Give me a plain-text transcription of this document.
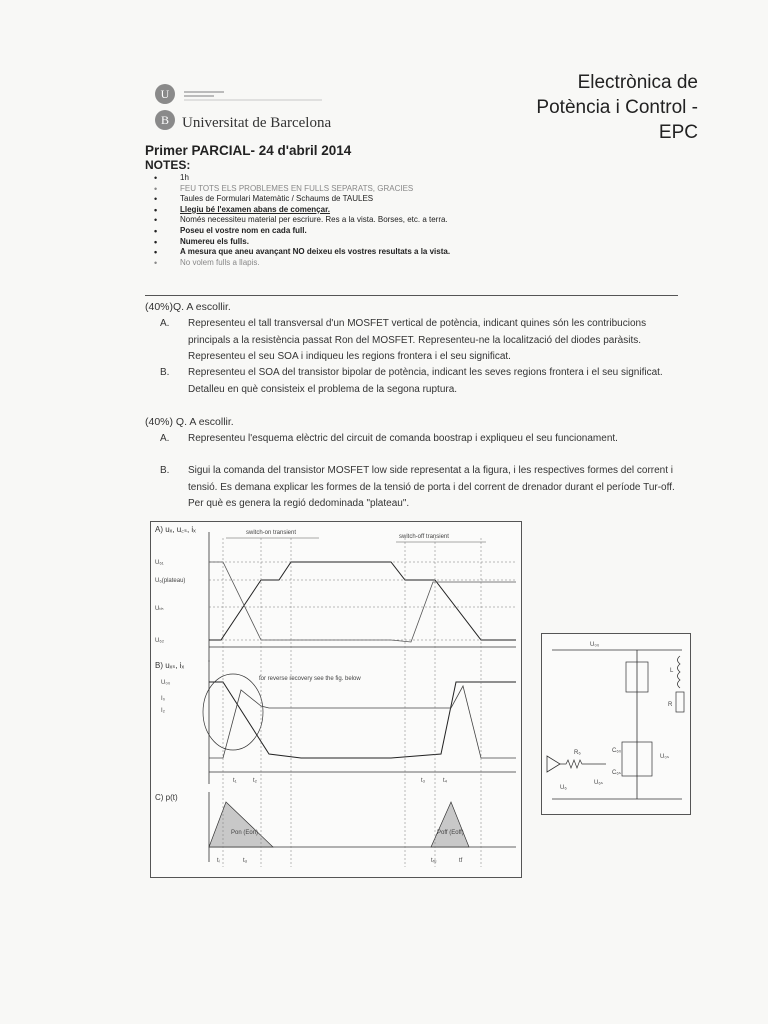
U
B Universitat de Barcelona
Electrònica de
Potència i Control -
EPC
Primer PARCIAL- 24 d'abril 2014
NOTES:
• 1h
• FEU TOTS ELS PROBLEMES EN FULLS SEPARATS, GRACIES
• Taules de Formulari Matemàtic / Schaums de TAULES
• Llegiu bé l'examen abans de començar.
• Només necessiteu material per escriure. Res a la vista. Borses, etc. a terra.
• Poseu el vostre nom en cada full.
• Numereu els fulls.
• A mesura que aneu avançant NO deixeu els vostres resultats a la vista.
• No volem fulls a llapis.
(40%)Q. A escollir.
A. Representeu el tall transversal d'un MOSFET vertical de potència, indicant quines són les contribucions principals a la resistència passat Ron del MOSFET. Representeu-ne la localització del diodes paràsits. Representeu el seu SOA i indiqueu les regions frontera i el seu significat.
B. Representeu el SOA del transistor bipolar de potència, indicant les seves regions frontera i el seu significat. Detalleu en què consisteix el problema de la segona ruptura.
(40%) Q. A escollir.
A. Representeu l'esquema elèctric del circuit de comanda boostrap i expliqueu el seu funcionament.
B. Sigui la comanda del transistor MOSFET low side representat a la figura, i les respectives formes del corrent i tensió. Es demana explicar les formes de la tensió de porta i del corrent de drenador durant el període Tur-off. Per què es genera la regió dedominada "plateau".
A) uₓ, u꜀ₛ, iₓ	switch-on transient
switch-off transient
U₆₁
U₆(plateau)
Uₜₕ
U₆₂
B) uₓₛ, iₓ
for reverse recovery see the fig. below
U₀₀
I₀
I₂
t₁	t₂	t₃	t₄
C) p(t)
Pon (Eon)	Poff (Eoff)
tᵢ	tᵤ	tᵣᵤ	tf
U₀₀
L
R
C₆₀
C₆ₛ
U₀ₛ
U₆ₛ
R₆
U₆
